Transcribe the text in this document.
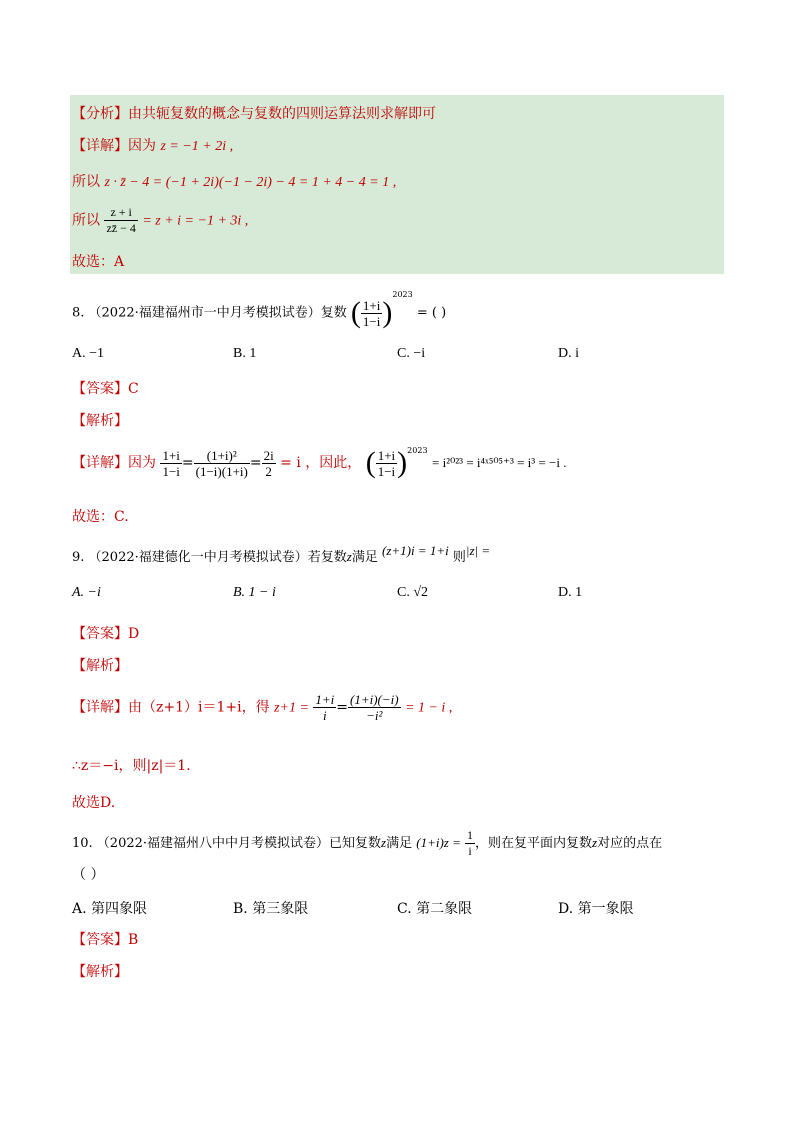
【分析】由共轭复数的概念与复数的四则运算法则求解即可
【详解】因为 z = −1 + 2i ,
所以 z · z̄ − 4 = (−1 + 2i)(−1 − 2i) − 4 = 1 + 4 − 4 = 1 ,
所以 $\frac{z + i}{zz̄ - 4} = z + i = -1 + 3i$ ,
故选：A
8. （2022·福建福州市一中月考模拟试卷）复数 ( $\frac{1+i}{1-i} )^{2023}$ = ( )
A. −1	B. 1	C. −i	D. i
【答案】C
【解析】
【详解】因为 $\frac{1+i}{1-i} = \frac{\text{(1+i)²}}{(1-i)(1+i)} = \frac{2i}{2} = i$ ，因此， ( $\frac{1+i}{1-i} )^{2023} = i^{2023}$ = i⁴ˣ⁵⁰⁵⁺³ = i³ = −i .
故选：C.
9. （2022·福建德化一中月考模拟试卷）若复数z满足 (z+1)i = 1+i 则|z| =
A. −i	B. 1 − i	C. √2	D. 1
【答案】D
【解析】
【详解】由（z+1）i＝1+i，得 $z+1 = \frac{1+i}{i} = \frac{(1+i)(-i)}{\text{−i²}} = 1 - i$ ,
∴z＝−i，则|z|＝1.
故选D.
10. （2022·福建福州八中中月考模拟试卷）已知复数z满足 $(1+i)z = \frac{1}{i}$ ，则在复平面内复数z对应的点在
（ ）
A. 第四象限	B. 第三象限	C. 第二象限	D. 第一象限
【答案】B
【解析】
